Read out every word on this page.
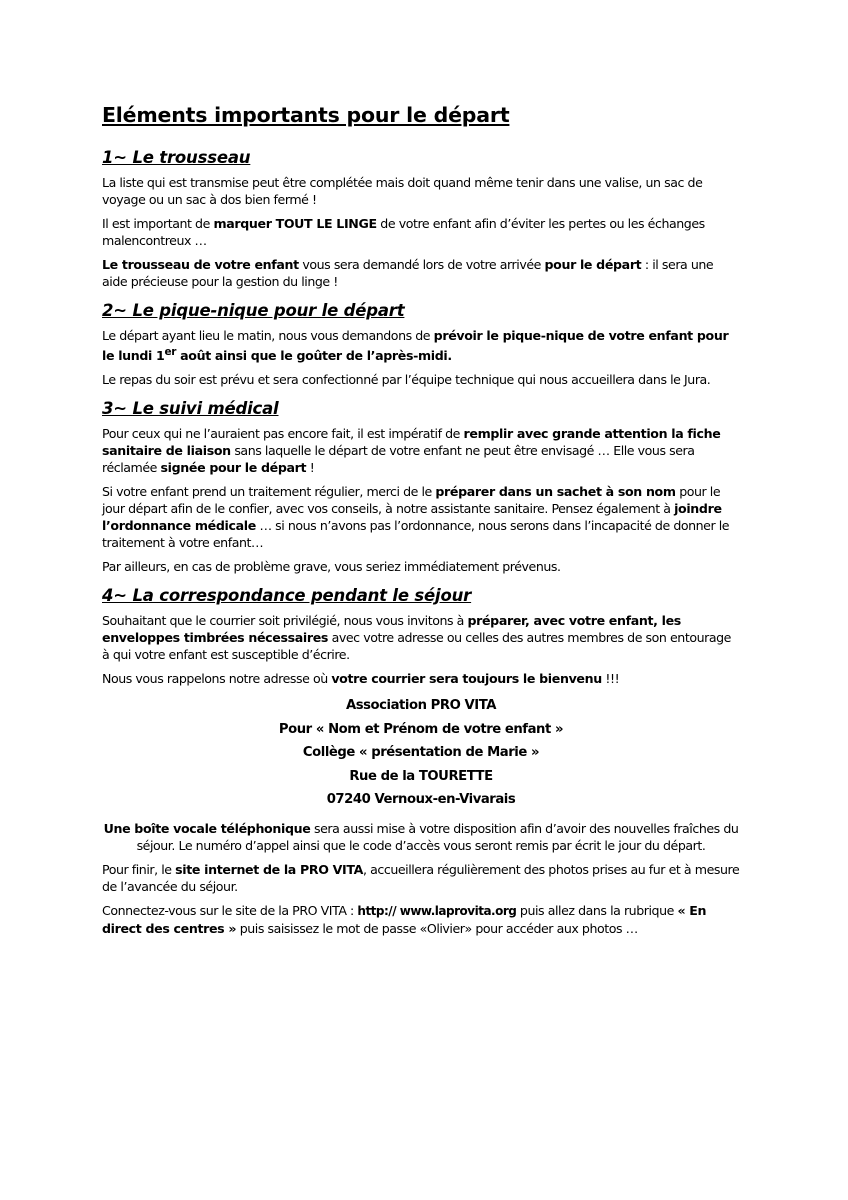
Eléments importants pour le départ
1~ Le trousseau

La liste qui est transmise peut être complétée mais doit quand même tenir dans une valise, un sac de voyage ou un sac à dos bien fermé !

Il est important de marquer TOUT LE LINGE de votre enfant afin d’éviter les pertes ou les échanges malencontreux …

Le trousseau de votre enfant vous sera demandé lors de votre arrivée pour le départ : il sera une aide précieuse pour la gestion du linge !

2~ Le pique-nique pour le départ

Le départ ayant lieu le matin, nous vous demandons de prévoir le pique-nique de votre enfant pour le lundi 1er août ainsi que le goûter de l’après-midi.

Le repas du soir est prévu et sera confectionné par l’équipe technique qui nous accueillera dans le Jura.

3~ Le suivi médical

Pour ceux qui ne l’auraient pas encore fait, il est impératif de remplir avec grande attention la fiche sanitaire de liaison sans laquelle le départ de votre enfant ne peut être envisagé … Elle vous sera réclamée signée pour le départ !

Si votre enfant prend un traitement régulier, merci de le préparer dans un sachet à son nom pour le jour départ afin de le confier, avec vos conseils, à notre assistante sanitaire. Pensez également à joindre l’ordonnance médicale … si nous n’avons pas l’ordonnance, nous serons dans l’incapacité de donner le traitement à votre enfant…

Par ailleurs, en cas de problème grave, vous seriez immédiatement prévenus.

4~ La correspondance pendant le séjour

Souhaitant que le courrier soit privilégié, nous vous invitons à préparer, avec votre enfant, les enveloppes timbrées nécessaires avec votre adresse ou celles des autres membres de son entourage à qui votre enfant est susceptible d’écrire.

Nous vous rappelons notre adresse où votre courrier sera toujours le bienvenu !!!

Association PRO VITA

Pour « Nom et Prénom de votre enfant »

Collège « présentation de Marie »

Rue de la TOURETTE

07240 Vernoux-en-Vivarais

Une boîte vocale téléphonique sera aussi mise à votre disposition afin d’avoir des nouvelles fraîches du séjour. Le numéro d’appel ainsi que le code d’accès vous seront remis par écrit le jour du départ.

Pour finir, le site internet de la PRO VITA, accueillera régulièrement des photos prises au fur et à mesure de l’avancée du séjour.

Connectez-vous sur le site de la PRO VITA : http:// www.laprovita.org puis allez dans la rubrique « En direct des centres » puis saisissez le mot de passe «Olivier» pour accéder aux photos …
